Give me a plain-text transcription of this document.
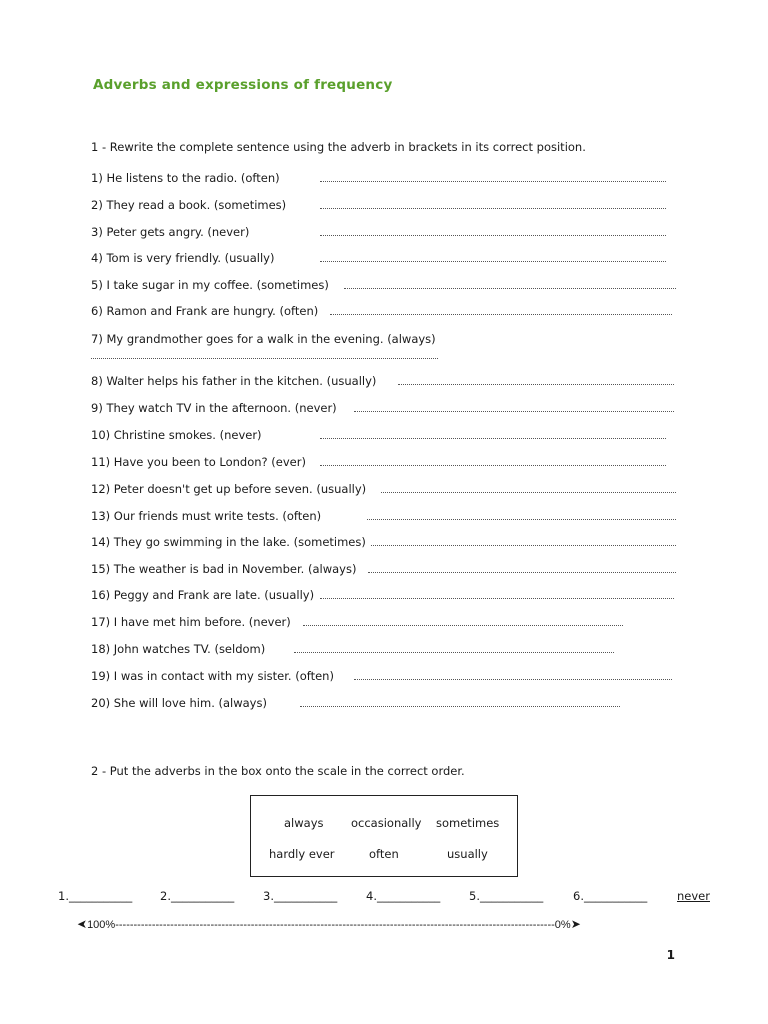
Adverbs and expressions of frequency
1 - Rewrite the complete sentence using the adverb in brackets in its correct position.
1) He listens to the radio. (often)
2) They read a book. (sometimes)
3) Peter gets angry. (never)
4) Tom is very friendly. (usually)
5) I take sugar in my coffee. (sometimes)
6) Ramon and Frank are hungry. (often)
7) My grandmother goes for a walk in the evening. (always)
8) Walter helps his father in the kitchen. (usually)
9) They watch TV in the afternoon. (never)
10) Christine smokes. (never)
11) Have you been to London? (ever)
12) Peter doesn't get up before seven. (usually)
13) Our friends must write tests. (often)
14) They go swimming in the lake. (sometimes)
15) The weather is bad in November. (always)
16) Peggy and Frank are late. (usually)
17) I have met him before. (never)
18) John watches TV. (seldom)
19) I was in contact with my sister. (often)
20) She will love him. (always)
2 - Put the adverbs in the box onto the scale in the correct order.
always occasionally sometimes
hardly ever	often	usually
1.___________ 2.___________	3.___________	4.___________	5.___________	6.___________	never
➤100%------------------------------------------------------------------------------------------------------------------------0%➤
1
